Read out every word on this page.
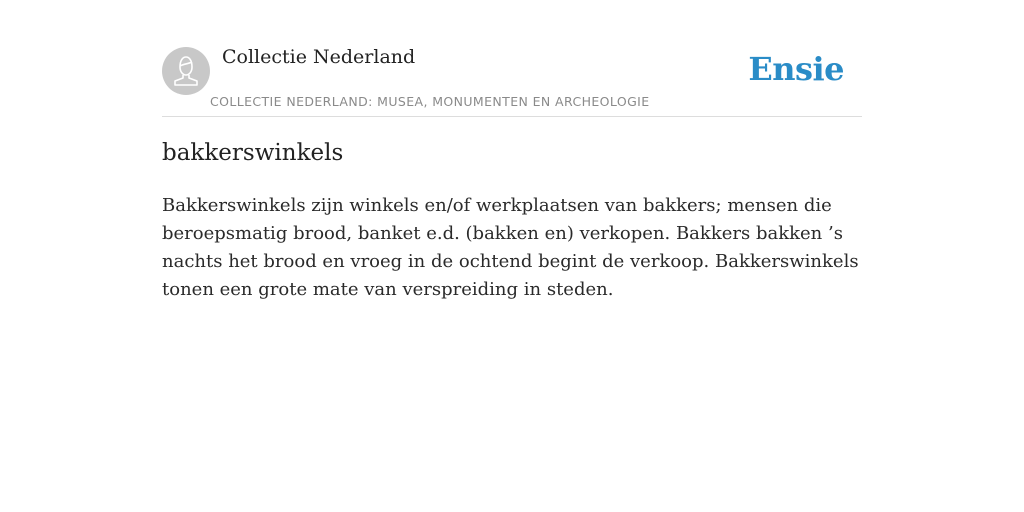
Collectie Nederland
COLLECTIE NEDERLAND: MUSEA, MONUMENTEN EN ARCHEOLOGIE
Ensie
bakkerswinkels

Bakkerswinkels zijn winkels en/of werkplaatsen van bakkers; mensen die beroepsmatig brood, banket e.d. (bakken en) verkopen. Bakkers bakken ’s nachts het brood en vroeg in de ochtend begint de verkoop. Bakkerswinkels tonen een grote mate van verspreiding in steden.
